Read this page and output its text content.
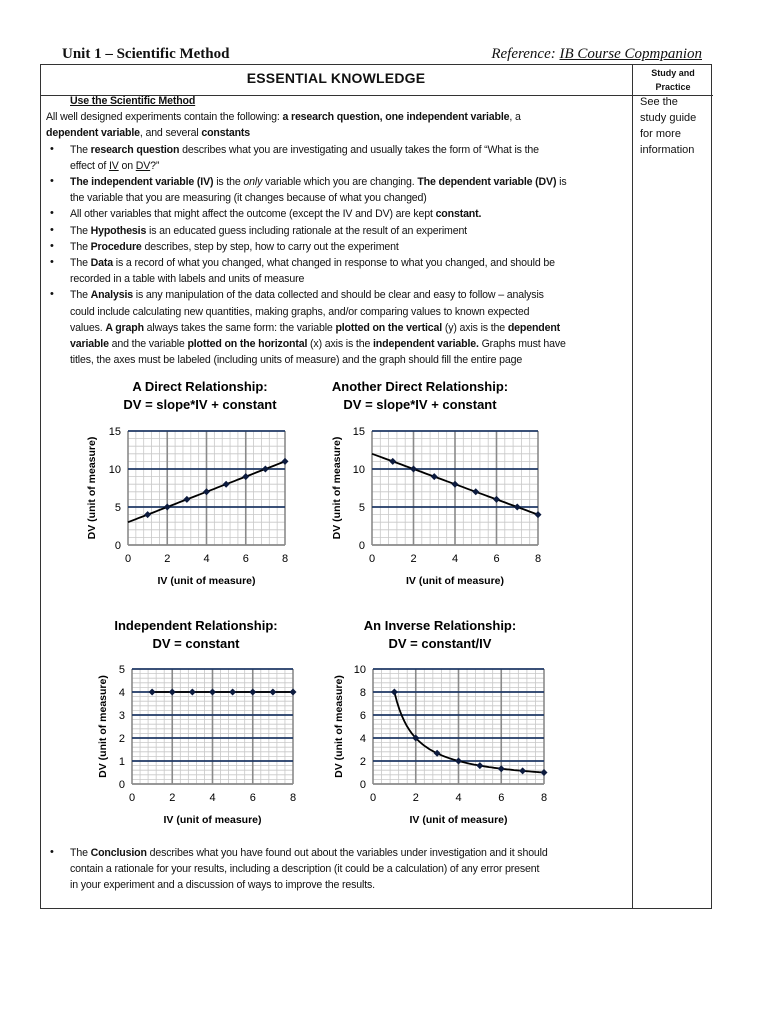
Unit 1 – Scientific Method	Reference: IB Course Copmpanion
ESSENTIAL KNOWLEDGE	Study and
Practice
See the
study guide
for more
information
Use the Scientific Method
All well designed experiments contain the following: a research question, one independent variable, a
dependent variable, and several constants
• The research question describes what you are investigating and usually takes the form of “What is the
effect of IV on DV?”
• The independent variable (IV) is the only variable which you are changing. The dependent variable (DV) is
the variable that you are measuring (it changes because of what you changed)
• All other variables that might affect the outcome (except the IV and DV) are kept constant.
• The Hypothesis is an educated guess including rationale at the result of an experiment
• The Procedure describes, step by step, how to carry out the experiment
• The Data is a record of what you changed, what changed in response to what you changed, and should be
recorded in a table with labels and units of measure
• The Analysis is any manipulation of the data collected and should be clear and easy to follow – analysis
could include calculating new quantities, making graphs, and/or comparing values to known expected
values. A graph always takes the same form: the variable plotted on the vertical (y) axis is the dependent
variable and the variable plotted on the horizontal (x) axis is the independent variable. Graphs must have
titles, the axes must be labeled (including units of measure) and the graph should fill the entire page
• The Conclusion describes what you have found out about the variables under investigation and it should
contain a rationale for your results, including a description (it could be a calculation) of any error present
in your experiment and a discussion of ways to improve the results.
0	2	4	6	8
0
5
10
15
A Direct Relationship:
DV = slope*IV + constant
IV (unit of measure)
DV (unit of measure)
0	2	4	6	8
0
5
10
15
Another Direct Relationship:
DV = slope*IV + constant
IV (unit of measure)
DV (unit of measure)
0	2	4	6	8
0
1
2
3
4
5
Independent Relationship:
DV = constant
IV (unit of measure)
DV (unit of measure)
0	2	4	6	8
0
2
4
6
8
10
An Inverse Relationship:
DV = constant/IV
IV (unit of measure)
DV (unit of measure)
